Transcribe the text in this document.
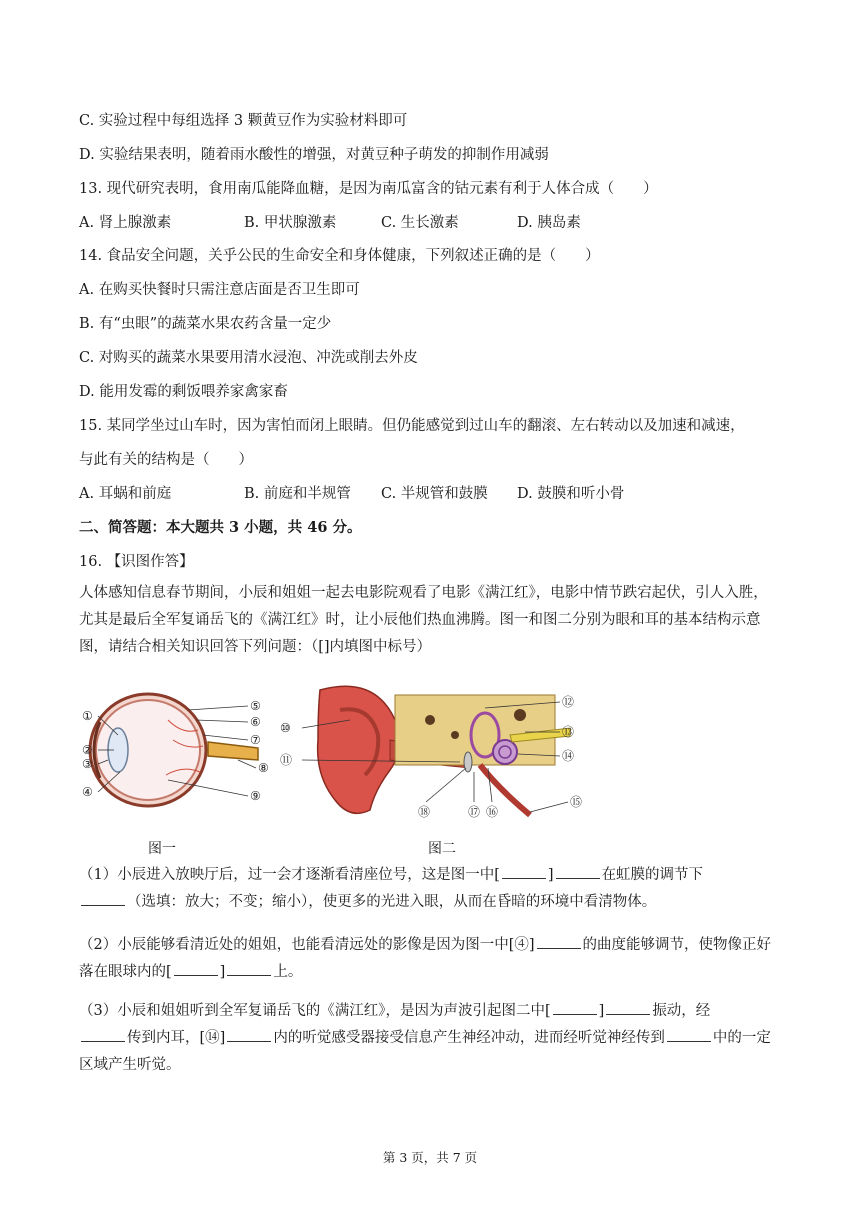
C. 实验过程中每组选择 3 颗黄豆作为实验材料即可
D. 实验结果表明，随着雨水酸性的增强，对黄豆种子萌发的抑制作用减弱
13. 现代研究表明，食用南瓜能降血糖，是因为南瓜富含的钴元素有利于人体合成（　　）
A. 肾上腺激素	B. 甲状腺激素	C. 生长激素	D. 胰岛素
14. 食品安全问题，关乎公民的生命安全和身体健康，下列叙述正确的是（　　）
A. 在购买快餐时只需注意店面是否卫生即可
B. 有“虫眼”的蔬菜水果农药含量一定少
C. 对购买的蔬菜水果要用清水浸泡、冲洗或削去外皮
D. 能用发霉的剩饭喂养家禽家畜
15. 某同学坐过山车时，因为害怕而闭上眼睛。但仍能感觉到过山车的翻滚、左右转动以及加速和减速，
与此有关的结构是（　　）
A. 耳蜗和前庭	B. 前庭和半规管 C. 半规管和鼓膜 D. 鼓膜和听小骨
二、简答题：本大题共 3 小题，共 46 分。
16. 【识图作答】
人体感知信息春节期间，小辰和姐姐一起去电影院观看了电影《满江红》，电影中情节跌宕起伏，引人入胜，尤其是最后全军复诵岳飞的《满江红》时，让小辰他们热血沸腾。图一和图二分别为眼和耳的基本结构示意图，请结合相关知识回答下列问题：（[]内填图中标号）
①
②
③
④
⑤
⑥
⑦
⑧
⑨
图一
⑩
⑪
⑫
⑬
⑭
⑮
⑯
⑰
⑱
图二
（1）小辰进入放映厅后，过一会才逐渐看清座位号，这是图一中[	]	在虹膜的调节下
（选填：放大；不变；缩小），使更多的光进入眼，从而在昏暗的环境中看清物体。
（2）小辰能够看清近处的姐姐，也能看清远处的影像是因为图一中[④]	的曲度能够调节，使物像正好落在眼球内的[	]	上。
（3）小辰和姐姐听到全军复诵岳飞的《满江红》，是因为声波引起图二中[	]	振动，经
传到内耳，[⑭]	内的听觉感受器接受信息产生神经冲动，进而经听觉神经传到	中的一定区域产生听觉。
第 3 页，共 7 页
